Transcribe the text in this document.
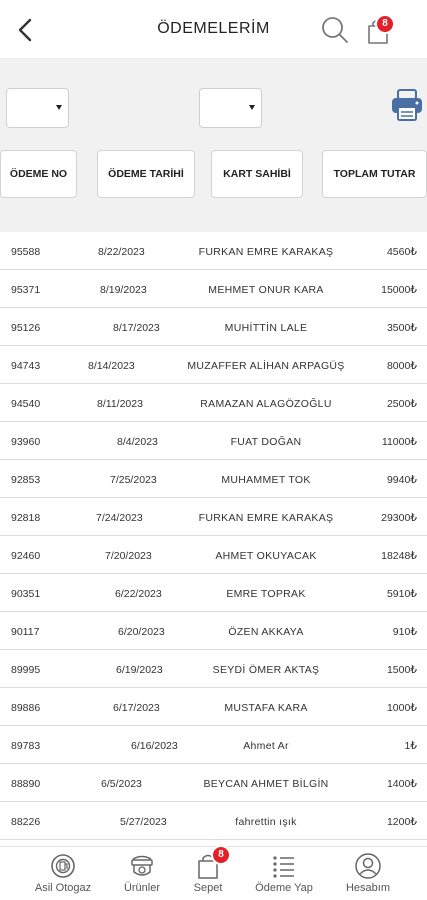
ÖDEMELERİM	8
ÖDEME NO	ÖDEME TARİHİ	KART SAHİBİ	TOPLAM TUTAR
95588	8/22/2023	FURKAN EMRE KARAKAŞ	4560₺
95371	8/19/2023	MEHMET ONUR KARA	15000₺
95126	8/17/2023	MUHİTTİN LALE	3500₺
94743	8/14/2023	MUZAFFER ALİHAN ARPAGÜŞ	8000₺
94540	8/11/2023	RAMAZAN ALAGÖZOĞLU	2500₺
93960	8/4/2023	FUAT DOĞAN	11000₺
92853	7/25/2023	MUHAMMET TOK	9940₺
92818	7/24/2023	FURKAN EMRE KARAKAŞ	29300₺
92460	7/20/2023	AHMET OKUYACAK	18248₺
90351	6/22/2023	EMRE TOPRAK	5910₺
90117	6/20/2023	ÖZEN AKKAYA	910₺
89995	6/19/2023	SEYDİ ÖMER AKTAŞ	1500₺
89886	6/17/2023	MUSTAFA KARA	1000₺
89783	6/16/2023	Ahmet Ar	1₺
88890	6/5/2023	BEYCAN AHMET BİLGİN	1400₺
88226	5/27/2023	fahrettin ışık	1200₺
Asil Otogaz	Ürünler	Sepet
8
Ödeme Yap	Hesabım
